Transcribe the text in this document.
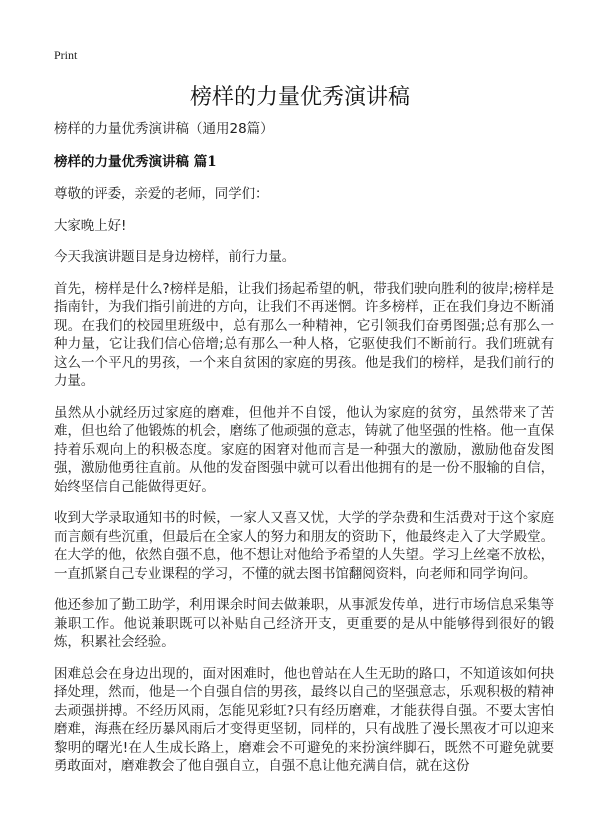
Print
榜样的力量优秀演讲稿

榜样的力量优秀演讲稿（通用28篇）

榜样的力量优秀演讲稿 篇1

尊敬的评委，亲爱的老师，同学们：

大家晚上好!

今天我演讲题目是身边榜样，前行力量。

首先，榜样是什么?榜样是船，让我们扬起希望的帆，带我们驶向胜利的彼岸;榜样是指南针，为我们指引前进的方向，让我们不再迷惘。许多榜样，正在我们身边不断涌现。在我们的校园里班级中，总有那么一种精神，它引领我们奋勇图强;总有那么一种力量，它让我们信心倍增;总有那么一种人格，它驱使我们不断前行。我们班就有这么一个平凡的男孩，一个来自贫困的家庭的男孩。他是我们的榜样，是我们前行的力量。

虽然从小就经历过家庭的磨难，但他并不自馁，他认为家庭的贫穷，虽然带来了苦难，但也给了他锻炼的机会，磨练了他顽强的意志，铸就了他坚强的性格。他一直保持着乐观向上的积极态度。家庭的困窘对他而言是一种强大的激励，激励他奋发图强，激励他勇往直前。从他的发奋图强中就可以看出他拥有的是一份不服输的自信，始终坚信自己能做得更好。

收到大学录取通知书的时候，一家人又喜又忧，大学的学杂费和生活费对于这个家庭而言颇有些沉重，但最后在全家人的努力和朋友的资助下，他最终走入了大学殿堂。在大学的他，依然自强不息，他不想让对他给予希望的人失望。学习上丝毫不放松，一直抓紧自己专业课程的学习，不懂的就去图书馆翻阅资料，向老师和同学询问。

他还参加了勤工助学，利用课余时间去做兼职，从事派发传单，进行市场信息采集等兼职工作。他说兼职既可以补贴自己经济开支，更重要的是从中能够得到很好的锻炼，积累社会经验。

困难总会在身边出现的，面对困难时，他也曾站在人生无助的路口，不知道该如何抉择处理，然而，他是一个自强自信的男孩，最终以自己的坚强意志，乐观积极的精神去顽强拼搏。不经历风雨，怎能见彩虹?只有经历磨难，才能获得自强。不要太害怕磨难，海燕在经历暴风雨后才变得更坚韧，同样的，只有战胜了漫长黑夜才可以迎来黎明的曙光!在人生成长路上，磨难会不可避免的来扮演绊脚石，既然不可避免就要勇敢面对，磨难教会了他自强自立，自强不息让他充满自信，就在这份
